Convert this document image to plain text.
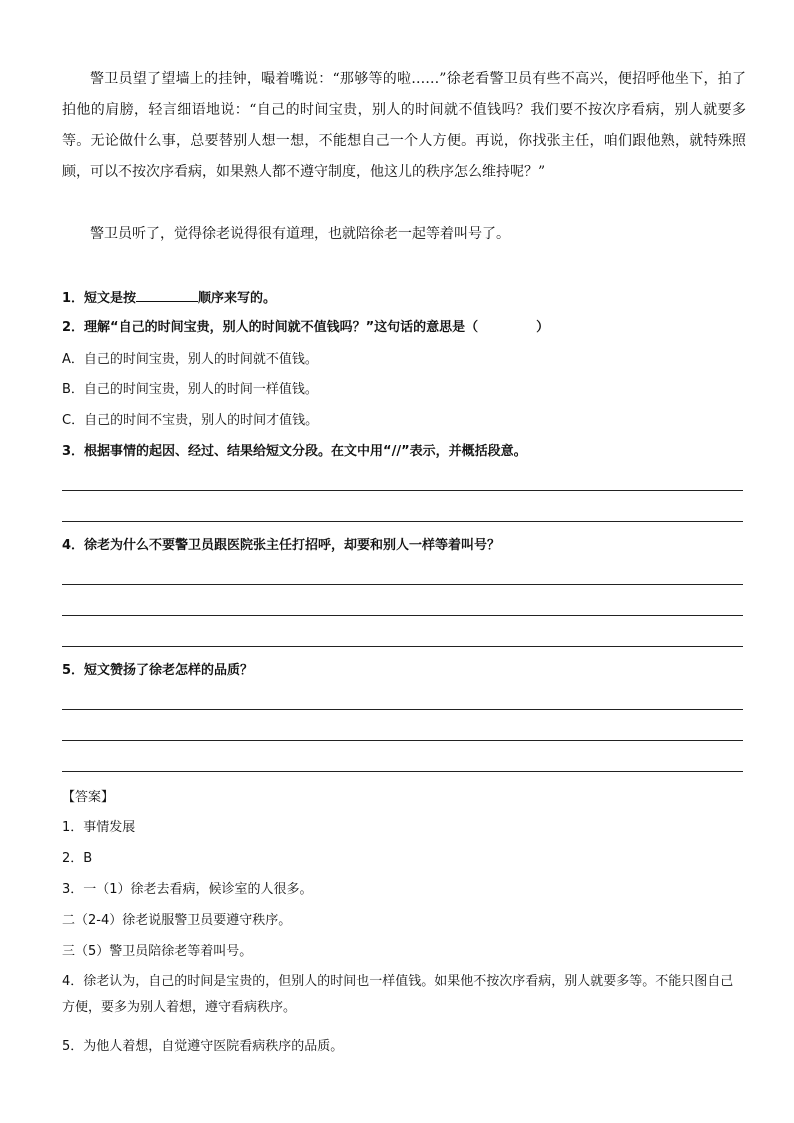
警卫员望了望墙上的挂钟，嘬着嘴说：“那够等的啦……”徐老看警卫员有些不高兴，便招呼他坐下，拍了拍他的肩膀，轻言细语地说：“自己的时间宝贵，别人的时间就不值钱吗？我们要不按次序看病，别人就要多等。无论做什么事，总要替别人想一想，不能想自己一个人方便。再说，你找张主任，咱们跟他熟，就特殊照顾，可以不按次序看病，如果熟人都不遵守制度，他这儿的秩序怎么维持呢？”

警卫员听了，觉得徐老说得很有道理，也就陪徐老一起等着叫号了。

1．短文是按	顺序来写的。

2．理解“自己的时间宝贵，别人的时间就不值钱吗？”这句话的意思是（	）

A．自己的时间宝贵，别人的时间就不值钱。

B．自己的时间宝贵，别人的时间一样值钱。

C．自己的时间不宝贵，别人的时间才值钱。

3．根据事情的起因、经过、结果给短文分段。在文中用“//”表示，并概括段意。

4．徐老为什么不要警卫员跟医院张主任打招呼，却要和别人一样等着叫号？

5．短文赞扬了徐老怎样的品质？

【答案】

1．事情发展

2．B

3．一（1）徐老去看病，候诊室的人很多。

二（2-4）徐老说服警卫员要遵守秩序。

三（5）警卫员陪徐老等着叫号。

4．徐老认为，自己的时间是宝贵的，但别人的时间也一样值钱。如果他不按次序看病，别人就要多等。不能只图自己方便，要多为别人着想，遵守看病秩序。

5．为他人着想，自觉遵守医院看病秩序的品质。
